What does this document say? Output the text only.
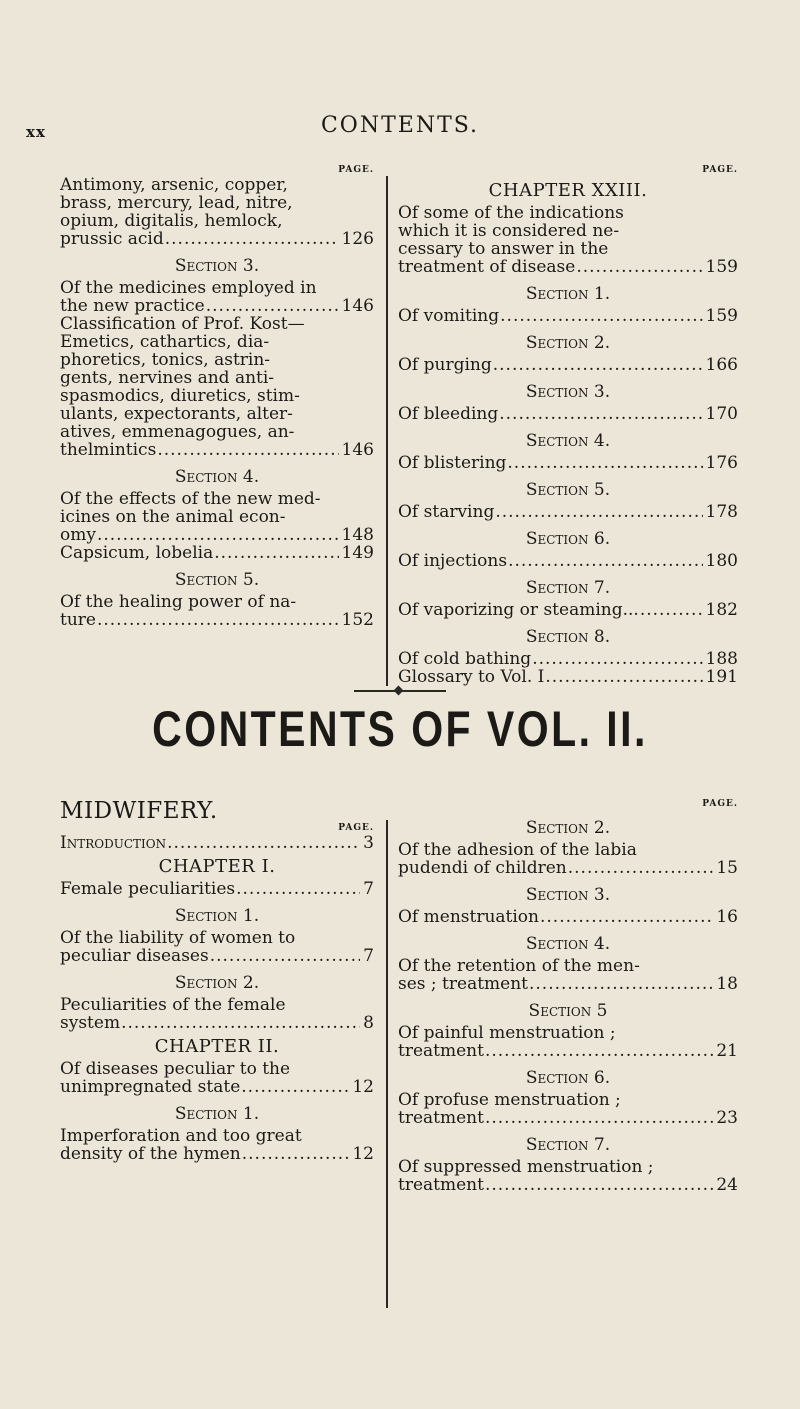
xx	CONTENTS.
PAGE.
Antimony, arsenic, copper,
brass, mercury, lead, nitre,
opium, digitalis, hemlock,
prussic acid .....	126
Section 3.
Of the medicines employed in
the new practice .....	146
Classification of Prof. Kost—
Emetics, cathartics, dia-
phoretics, tonics, astrin-
gents, nervines and anti-
spasmodics, diuretics, stim-
ulants, expectorants, alter-
atives, emmenagogues, an-
thelmintics .....	146
Section 4.
Of the effects of the new med-
icines on the animal econ-
omy .....	148
Capsicum, lobelia .....	149
Section 5.
Of the healing power of na-
ture .....	152
PAGE.
CHAPTER XXIII.
Of some of the indications
which it is considered ne-
cessary to answer in the
treatment of disease .....	159
Section 1.
Of vomiting .....	159
Section 2.
Of purging .....	166
Section 3.
Of bleeding .....	170
Section 4.
Of blistering .....	176
Section 5.
Of starving .....	178
Section 6.
Of injections .....	180
Section 7.
Of vaporizing or steaming... .....	182
Section 8.
Of cold bathing .....	188
Glossary to Vol. I .....	191
CONTENTS OF VOL. II.
MIDWIFERY.
PAGE.
Introduction .....	3
CHAPTER I.
Female peculiarities .....	7
Section 1.
Of the liability of women to
peculiar diseases .....	7
Section 2.
Peculiarities of the female
system .....	8
CHAPTER II.
Of diseases peculiar to the
unimpregnated state .....	12
Section 1.
Imperforation and too great
density of the hymen .....	12
PAGE.
Section 2.
Of the adhesion of the labia
pudendi of children .....	15
Section 3.
Of menstruation .....	16
Section 4.
Of the retention of the men-
ses ; treatment .....	18
Section 5
Of painful menstruation ;
treatment .....	21
Section 6.
Of profuse menstruation ;
treatment .....	23
Section 7.
Of suppressed menstruation ;
treatment .....	24
